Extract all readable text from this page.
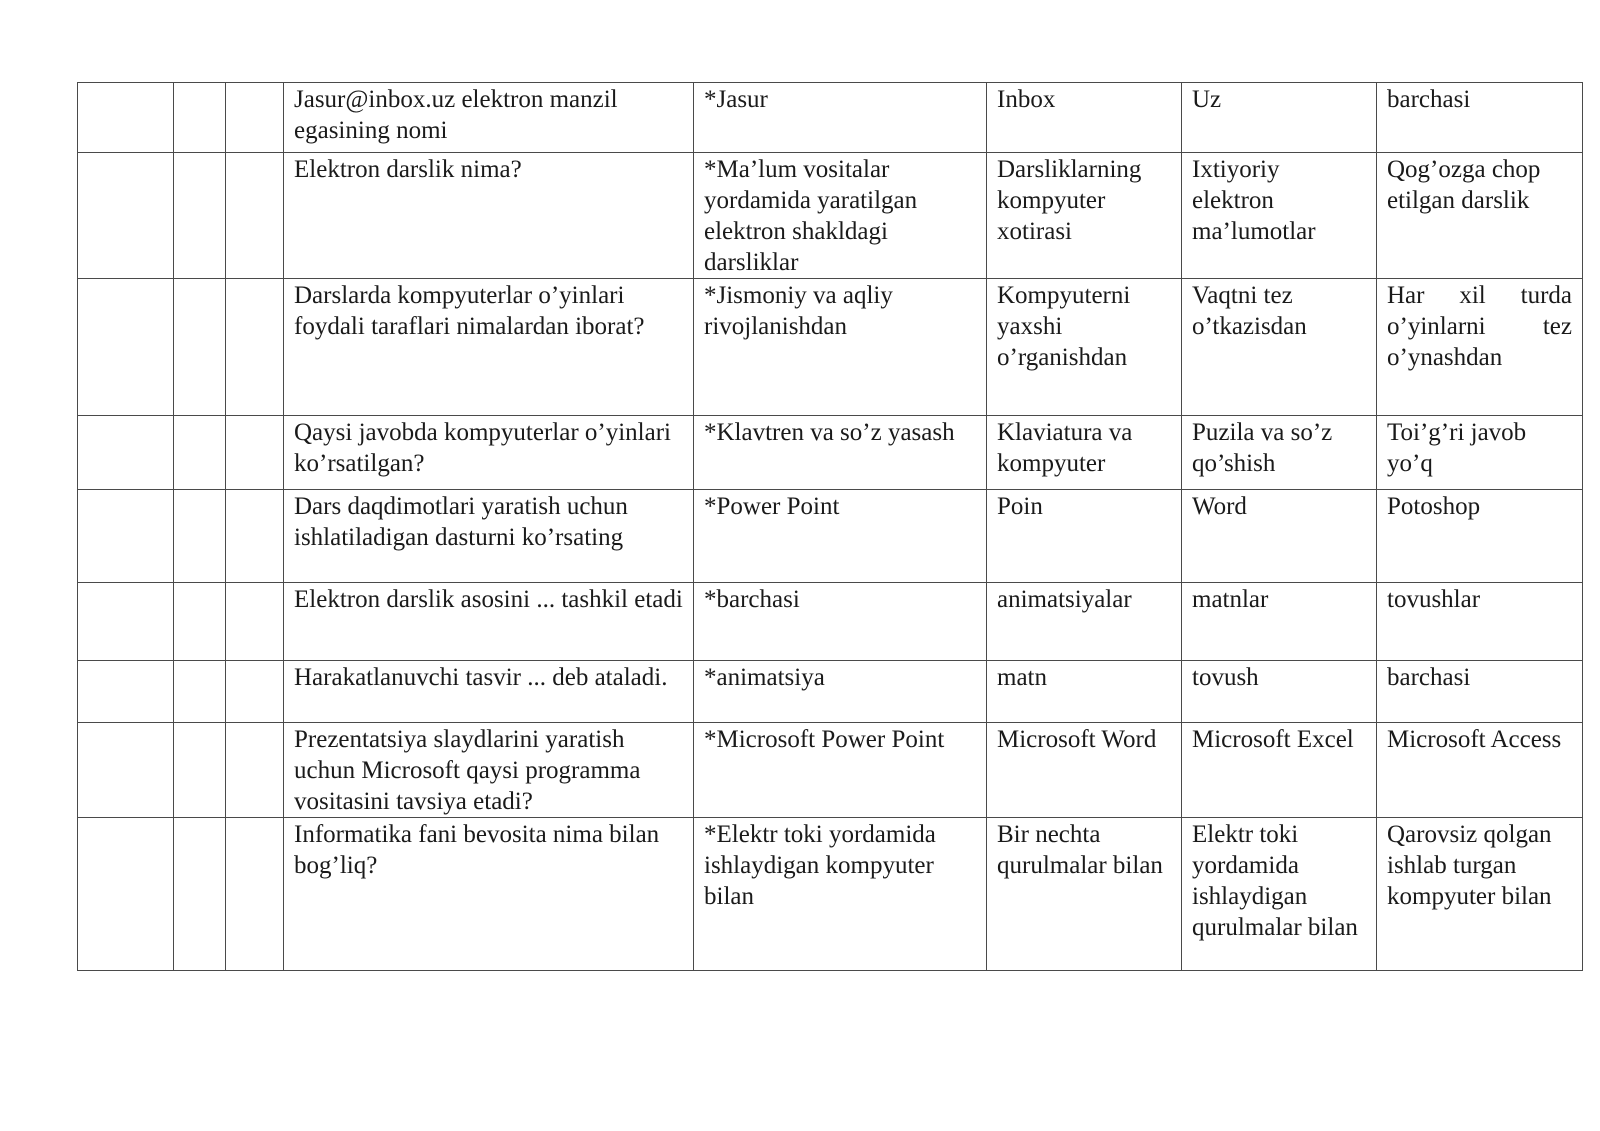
			Jasur@inbox.uz elektron manzil egasining nomi	*Jasur	Inbox	Uz	barchasi
			Elektron darslik nima?	*Ma’lum vositalar yordamida yaratilgan elektron shakldagi darsliklar	Darsliklarning kompyuter xotirasi	Ixtiyoriy elektron ma’lumotlar	Qog’ozga chop etilgan darslik
			Darslarda kompyuterlar o’yinlari foydali taraflari nimalardan iborat?	*Jismoniy va aqliy rivojlanishdan	Kompyuterni yaxshi o’rganishdan	Vaqtni tez o’tkazisdan	Har xil turda o’yinlarni tez o’ynashdan
			Qaysi javobda kompyuterlar o’yinlari ko’rsatilgan?	*Klavtren va so’z yasash	Klaviatura va kompyuter	Puzila va so’z qo’shish	Toi’g’ri javob yo’q
			Dars daqdimotlari yaratish uchun ishlatiladigan dasturni ko’rsating	*Power Point	Poin	Word	Potoshop
			Elektron darslik asosini ... tashkil etadi	*barchasi	animatsiyalar	matnlar	tovushlar
			Harakatlanuvchi tasvir ... deb ataladi.	*animatsiya	matn	tovush	barchasi
			Prezentatsiya slaydlarini yaratish uchun Microsoft qaysi programma vositasini tavsiya etadi?	*Microsoft Power Point	Microsoft Word	Microsoft Excel	Microsoft Access
			Informatika fani bevosita nima bilan bog’liq?	*Elektr toki yordamida ishlaydigan kompyuter bilan	Bir nechta qurulmalar bilan	Elektr toki yordamida ishlaydigan qurulmalar bilan	Qarovsiz qolgan ishlab turgan kompyuter bilan
